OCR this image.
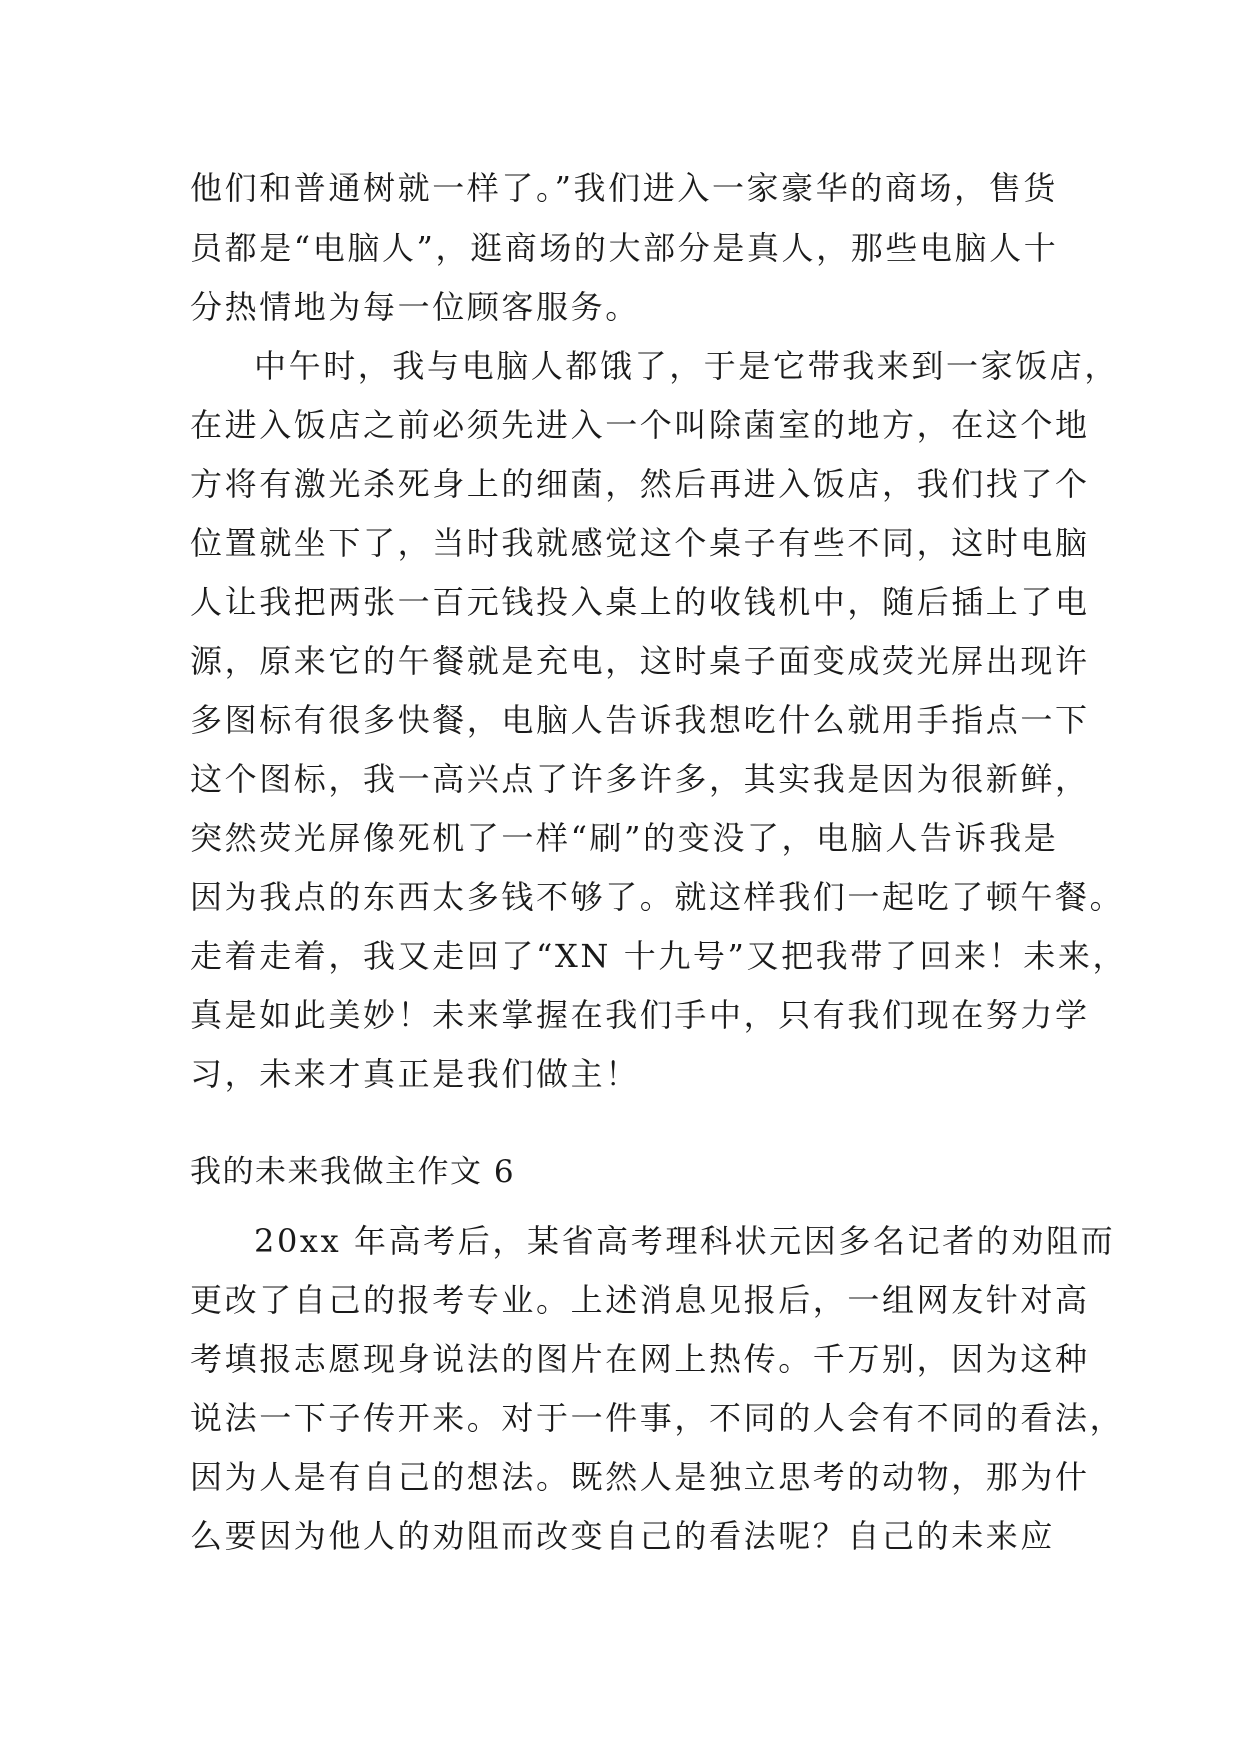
他们和普通树就一样了。”我们进入一家豪华的商场，售货
员都是“电脑人”，逛商场的大部分是真人，那些电脑人十
分热情地为每一位顾客服务。
中午时，我与电脑人都饿了，于是它带我来到一家饭店，
在进入饭店之前必须先进入一个叫除菌室的地方，在这个地
方将有激光杀死身上的细菌，然后再进入饭店，我们找了个
位置就坐下了，当时我就感觉这个桌子有些不同，这时电脑
人让我把两张一百元钱投入桌上的收钱机中，随后插上了电
源，原来它的午餐就是充电，这时桌子面变成荧光屏出现许
多图标有很多快餐，电脑人告诉我想吃什么就用手指点一下
这个图标，我一高兴点了许多许多，其实我是因为很新鲜，
突然荧光屏像死机了一样“刷”的变没了，电脑人告诉我是
因为我点的东西太多钱不够了。就这样我们一起吃了顿午餐。
走着走着，我又走回了“XN 十九号”又把我带了回来！未来，
真是如此美妙！未来掌握在我们手中，只有我们现在努力学
习，未来才真正是我们做主！
我的未来我做主作文 6
20xx 年高考后，某省高考理科状元因多名记者的劝阻而
更改了自己的报考专业。上述消息见报后，一组网友针对高
考填报志愿现身说法的图片在网上热传。千万别，因为这种
说法一下子传开来。对于一件事，不同的人会有不同的看法，
因为人是有自己的想法。既然人是独立思考的动物，那为什
么要因为他人的劝阻而改变自己的看法呢？自己的未来应
